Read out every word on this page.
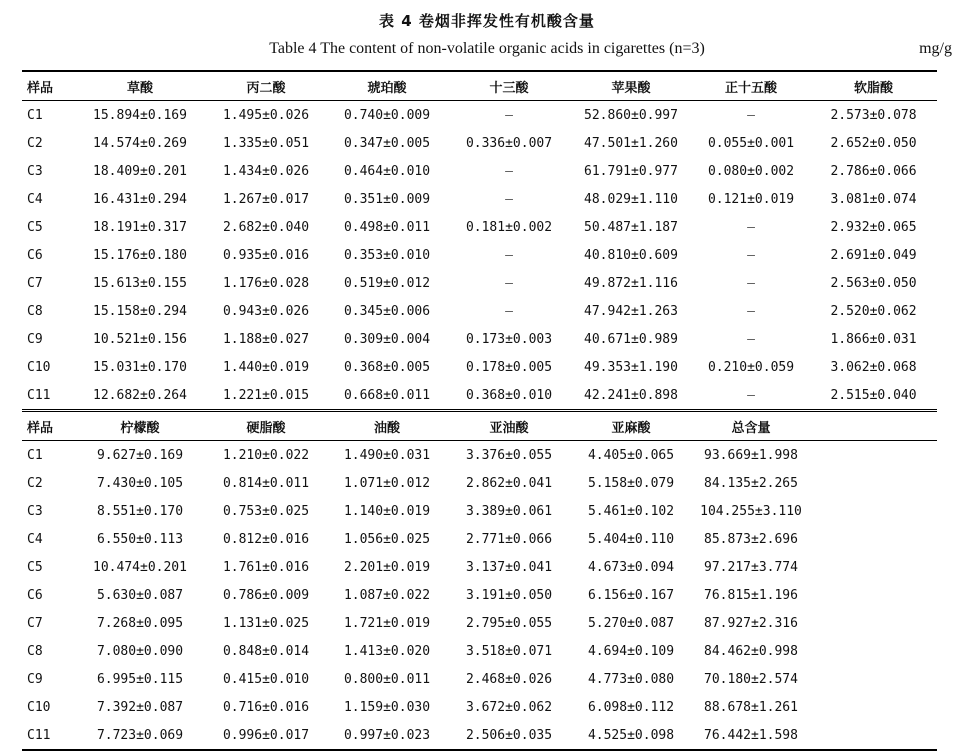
表 4 卷烟非挥发性有机酸含量
Table 4 The content of non-volatile organic acids in cigarettes (n=3)	mg/g
样品	草酸	丙二酸	琥珀酸	十三酸	苹果酸	正十五酸	软脂酸
C1	15.894±0.169	1.495±0.026	0.740±0.009	—	52.860±0.997	—	2.573±0.078
C2	14.574±0.269	1.335±0.051	0.347±0.005	0.336±0.007	47.501±1.260	0.055±0.001	2.652±0.050
C3	18.409±0.201	1.434±0.026	0.464±0.010	—	61.791±0.977	0.080±0.002	2.786±0.066
C4	16.431±0.294	1.267±0.017	0.351±0.009	—	48.029±1.110	0.121±0.019	3.081±0.074
C5	18.191±0.317	2.682±0.040	0.498±0.011	0.181±0.002	50.487±1.187	—	2.932±0.065
C6	15.176±0.180	0.935±0.016	0.353±0.010	—	40.810±0.609	—	2.691±0.049
C7	15.613±0.155	1.176±0.028	0.519±0.012	—	49.872±1.116	—	2.563±0.050
C8	15.158±0.294	0.943±0.026	0.345±0.006	—	47.942±1.263	—	2.520±0.062
C9	10.521±0.156	1.188±0.027	0.309±0.004	0.173±0.003	40.671±0.989	—	1.866±0.031
C10	15.031±0.170	1.440±0.019	0.368±0.005	0.178±0.005	49.353±1.190	0.210±0.059	3.062±0.068
C11	12.682±0.264	1.221±0.015	0.668±0.011	0.368±0.010	42.241±0.898	—	2.515±0.040
样品	柠檬酸	硬脂酸	油酸	亚油酸	亚麻酸	总含量	
C1	9.627±0.169	1.210±0.022	1.490±0.031	3.376±0.055	4.405±0.065	93.669±1.998	
C2	7.430±0.105	0.814±0.011	1.071±0.012	2.862±0.041	5.158±0.079	84.135±2.265	
C3	8.551±0.170	0.753±0.025	1.140±0.019	3.389±0.061	5.461±0.102	104.255±3.110	
C4	6.550±0.113	0.812±0.016	1.056±0.025	2.771±0.066	5.404±0.110	85.873±2.696	
C5	10.474±0.201	1.761±0.016	2.201±0.019	3.137±0.041	4.673±0.094	97.217±3.774	
C6	5.630±0.087	0.786±0.009	1.087±0.022	3.191±0.050	6.156±0.167	76.815±1.196	
C7	7.268±0.095	1.131±0.025	1.721±0.019	2.795±0.055	5.270±0.087	87.927±2.316	
C8	7.080±0.090	0.848±0.014	1.413±0.020	3.518±0.071	4.694±0.109	84.462±0.998	
C9	6.995±0.115	0.415±0.010	0.800±0.011	2.468±0.026	4.773±0.080	70.180±2.574	
C10	7.392±0.087	0.716±0.016	1.159±0.030	3.672±0.062	6.098±0.112	88.678±1.261	
C11	7.723±0.069	0.996±0.017	0.997±0.023	2.506±0.035	4.525±0.098	76.442±1.598	
